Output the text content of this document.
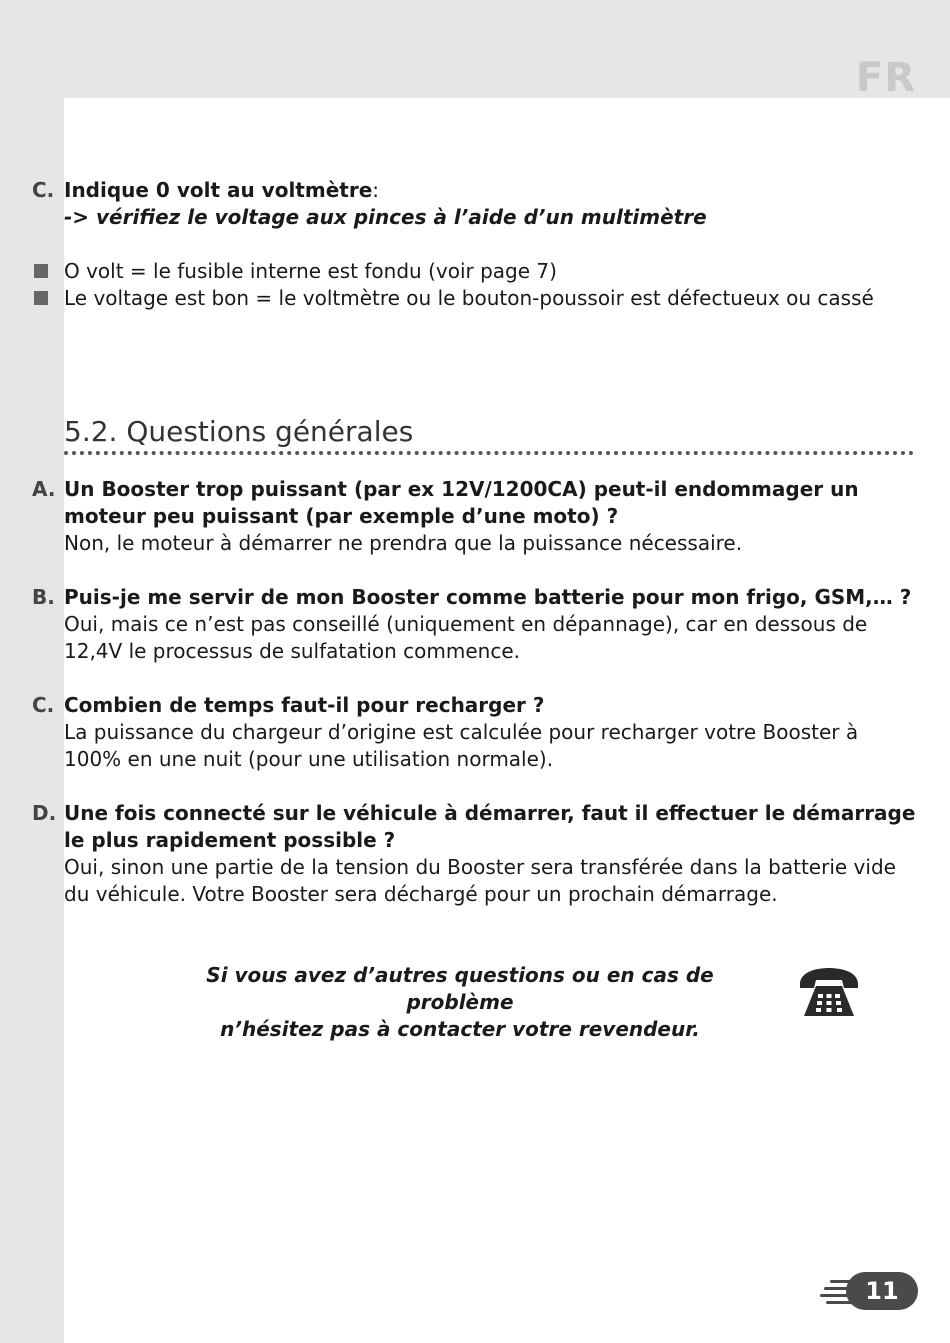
FR
C. Indique 0 volt au voltmètre:
-> vérifiez le voltage aux pinces à l’aide d’un multimètre
O volt = le fusible interne est fondu (voir page 7)
Le voltage est bon = le voltmètre ou le bouton-poussoir est défectueux ou cassé
5.2. Questions générales
A. Un Booster trop puissant (par ex 12V/1200CA) peut-il endommager un moteur peu puissant (par exemple d’une moto) ?
Non, le moteur à démarrer ne prendra que la puissance nécessaire.
B. Puis-je me servir de mon Booster comme batterie pour mon frigo, GSM,… ?
Oui, mais ce n’est pas conseillé (uniquement en dépannage), car en dessous de 12,4V le processus de sulfatation commence.
C. Combien de temps faut-il pour recharger ?
La puissance du chargeur d’origine est calculée pour recharger votre Booster à 100% en une nuit (pour une utilisation normale).
D. Une fois connecté sur le véhicule à démarrer, faut il effectuer le démarrage le plus rapidement possible ?
Oui, sinon une partie de la tension du Booster sera transférée dans la batterie vide du véhicule. Votre Booster sera déchargé pour un prochain démarrage.
Si vous avez d’autres questions ou en cas de problème
n’hésitez pas à contacter votre revendeur.
11
